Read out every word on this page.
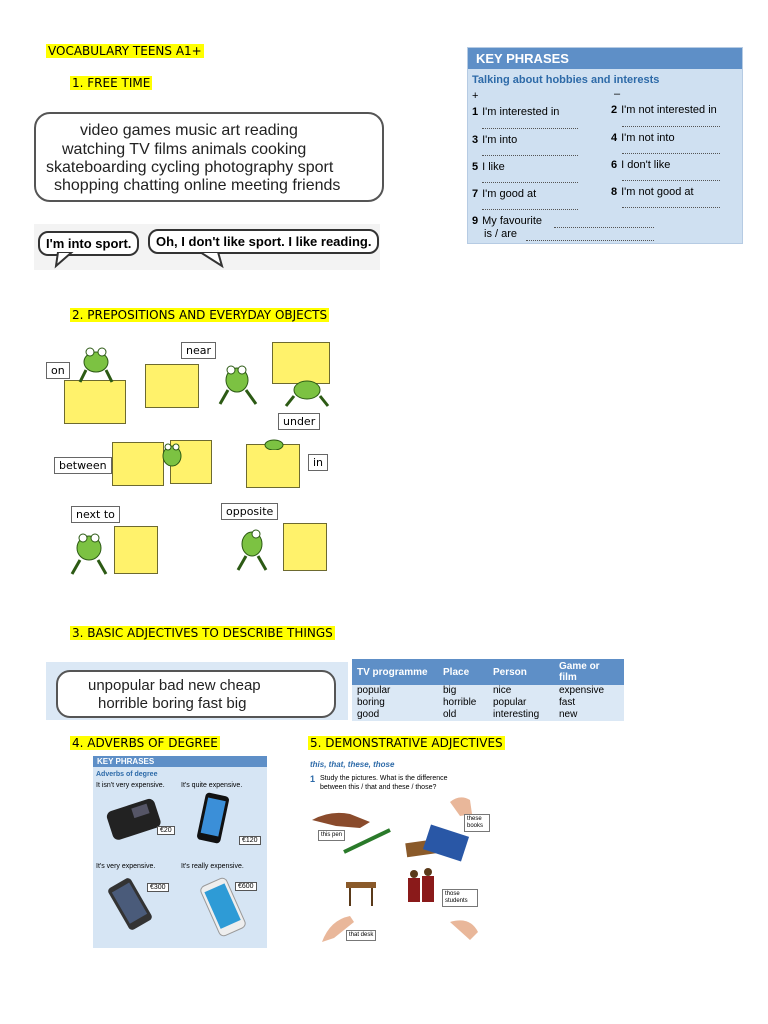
VOCABULARY TEENS A1+
1. FREE TIME
video games music art reading
watching TV films animals cooking
skateboarding cycling photography sport
shopping chatting online meeting friends
I'm into sport.	Oh, I don't like sport. I like reading.
KEY PHRASES
Talking about hobbies and interests
+	–
1 I'm interested in	2 I'm not interested in
3 I'm into	4 I'm not into
5 I like	6 I don't like
7 I'm good at	8 I'm not good at
9 My favourite
is / are
2. PREPOSITIONS AND EVERYDAY OBJECTS
on
near
under
between	in
next to	opposite
3. BASIC ADJECTIVES TO DESCRIBE THINGS
unpopular bad new cheap
horrible boring fast big
TV programme	Place	Person	Game or film
popular	big	nice	expensive
boring	horrible	popular	fast
good	old	interesting	new
4. ADVERBS OF DEGREE	5. DEMONSTRATIVE ADJECTIVES
KEY PHRASES
Adverbs of degree
It isn't very expensive. It's quite expensive.
It's very expensive.	It's really expensive.
€20
€120
€300	€600
this, that, these, those
1 Study the pictures. What is the difference
between this / that and these / those?
this pen
these books
those students
that desk
